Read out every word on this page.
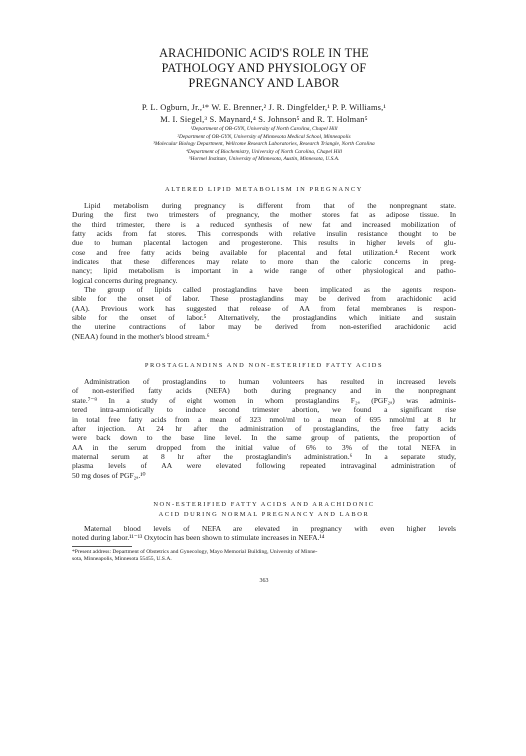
ARACHIDONIC ACID'S ROLE IN THE
PATHOLOGY AND PHYSIOLOGY OF
PREGNANCY AND LABOR
P. L. Ogburn, Jr.,¹* W. E. Brenner,² J. R. Dingfelder,¹ P. P. Williams,¹
M. I. Siegel,³ S. Maynard,⁴ S. Johnson⁵ and R. T. Holman⁵
¹Department of OB-GYN, University of North Carolina, Chapel Hill
²Department of OB-GYN, University of Minnesota Medical School, Minneapolis
³Molecular Biology Department, Wellcome Research Laboratories, Research Triangle, North Carolina
⁴Department of Biochemistry, University of North Carolina, Chapel Hill
⁵Hormel Institute, University of Minnesota, Austin, Minnesota, U.S.A.
ALTERED LIPID METABOLISM IN PREGNANCY
Lipid metabolism during pregnancy is different from that of the nonpregnant state.
During the first two trimesters of pregnancy, the mother stores fat as adipose tissue. In
the third trimester, there is a reduced synthesis of new fat and increased mobilization of
fatty acids from fat stores. This corresponds with relative insulin resistance thought to be
due to human placental lactogen and progesterone. This results in higher levels of glu-
cose and free fatty acids being available for placental and fetal utilization.⁴ Recent work
indicates that these differences may relate to more than the caloric concerns in preg-
nancy; lipid metabolism is important in a wide range of other physiological and patho-
logical concerns during pregnancy.
The group of lipids called prostaglandins have been implicated as the agents respon-
sible for the onset of labor. These prostaglandins may be derived from arachidonic acid
(AA). Previous work has suggested that release of AA from fetal membranes is respon-
sible for the onset of labor.⁵ Alternatively, the prostaglandins which initiate and sustain
the uterine contractions of labor may be derived from non-esterified arachidonic acid
(NEAA) found in the mother's blood stream.⁶
PROSTAGLANDINS AND NON-ESTERIFIED FATTY ACIDS
Administration of prostaglandins to human volunteers has resulted in increased levels
of non-esterified fatty acids (NEFA) both during pregnancy and in the nonpregnant
state.⁷⁻⁹ In a study of eight women in whom prostaglandins F₂ₐ (PGF₂ₐ) was adminis-
tered intra-amniotically to induce second trimester abortion, we found a significant rise
in total free fatty acids from a mean of 323 nmol/ml to a mean of 695 nmol/ml at 8 hr
after injection. At 24 hr after the administration of prostaglandins, the free fatty acids
were back down to the base line level. In the same group of patients, the proportion of
AA in the serum dropped from the initial value of 6% to 3% of the total NEFA in
maternal serum at 8 hr after the prostaglandin's administration.⁶ In a separate study,
plasma levels of AA were elevated following repeated intravaginal administration of
50 mg doses of PGF₂ₐ.¹⁰
NON-ESTERIFIED FATTY ACIDS AND ARACHIDONIC
ACID DURING NORMAL PREGNANCY AND LABOR
Maternal blood levels of NEFA are elevated in pregnancy with even higher levels
noted during labor.¹¹⁻¹³ Oxytocin has been shown to stimulate increases in NEFA.¹⁴
*Present address: Department of Obstetrics and Gynecology, Mayo Memorial Building, University of Minne-
sota, Minneapolis, Minnesota 55455, U.S.A.
363
